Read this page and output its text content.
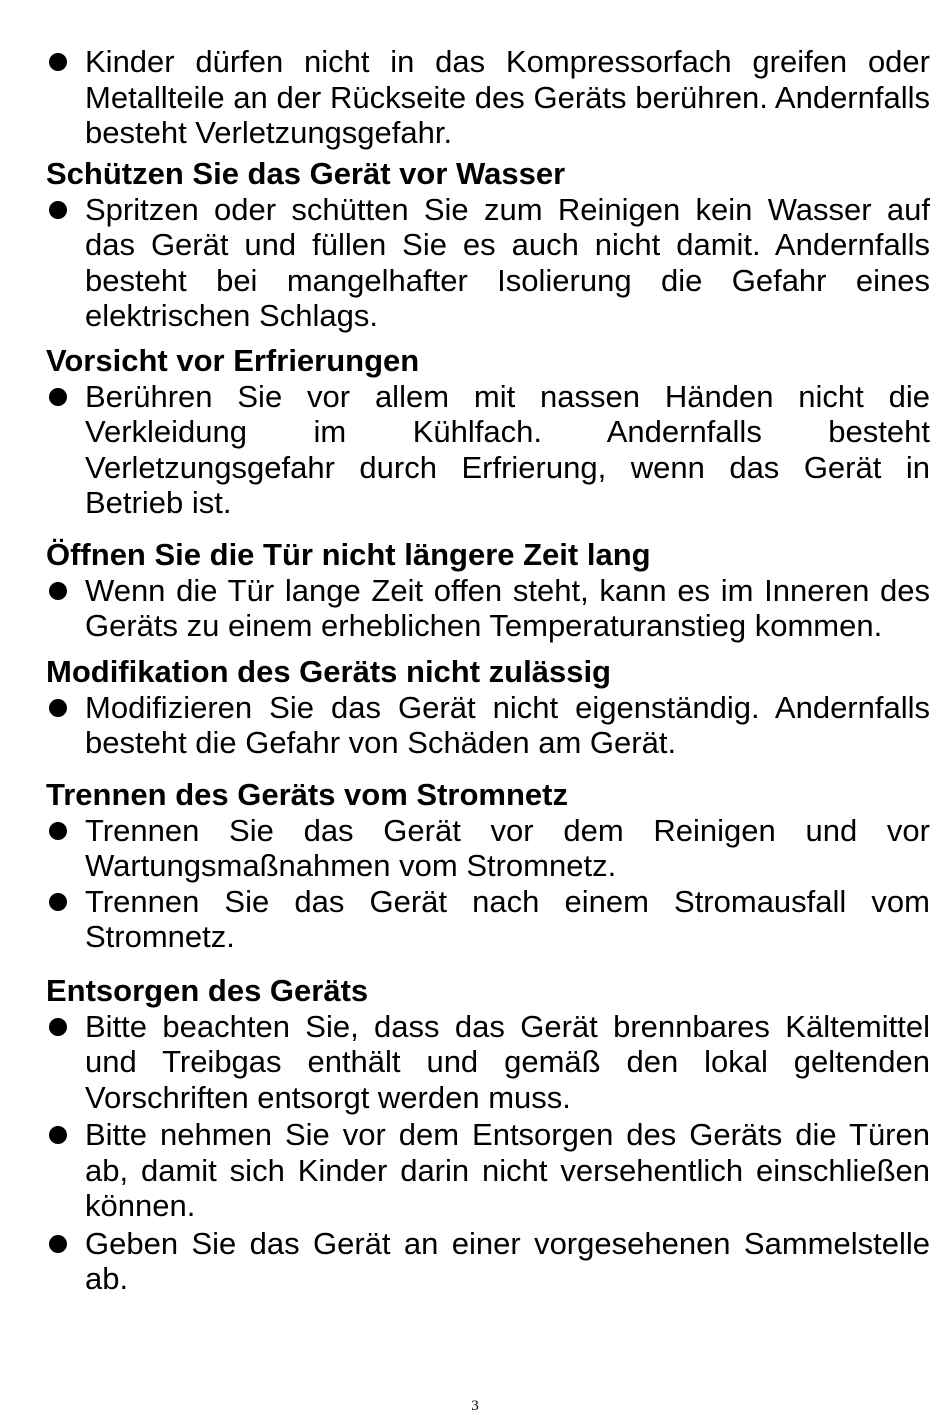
Kinder dürfen nicht in das Kompressorfach greifen oder Metallteile an der Rückseite des Geräts berühren. Andernfalls besteht Verletzungsgefahr.

Schützen Sie das Gerät vor Wasser

Spritzen oder schütten Sie zum Reinigen kein Wasser auf das Gerät und füllen Sie es auch nicht damit. Andernfalls besteht bei mangelhafter Isolierung die Gefahr eines elektrischen Schlags.

Vorsicht vor Erfrierungen

Berühren Sie vor allem mit nassen Händen nicht die Verkleidung im Kühlfach. Andernfalls besteht Verletzungsgefahr durch Erfrierung, wenn das Gerät in Betrieb ist.

Öffnen Sie die Tür nicht längere Zeit lang

Wenn die Tür lange Zeit offen steht, kann es im Inneren des Geräts zu einem erheblichen Temperaturanstieg kommen.

Modifikation des Geräts nicht zulässig

Modifizieren Sie das Gerät nicht eigenständig. Andernfalls besteht die Gefahr von Schäden am Gerät.

Trennen des Geräts vom Stromnetz

Trennen Sie das Gerät vor dem Reinigen und vor Wartungsmaßnahmen vom Stromnetz.

Trennen Sie das Gerät nach einem Stromausfall vom Stromnetz.

Entsorgen des Geräts

Bitte beachten Sie, dass das Gerät brennbares Kältemittel und Treibgas enthält und gemäß den lokal geltenden Vorschriften entsorgt werden muss.

Bitte nehmen Sie vor dem Entsorgen des Geräts die Türen ab, damit sich Kinder darin nicht versehentlich einschließen können.

Geben Sie das Gerät an einer vorgesehenen Sammelstelle ab.

3
